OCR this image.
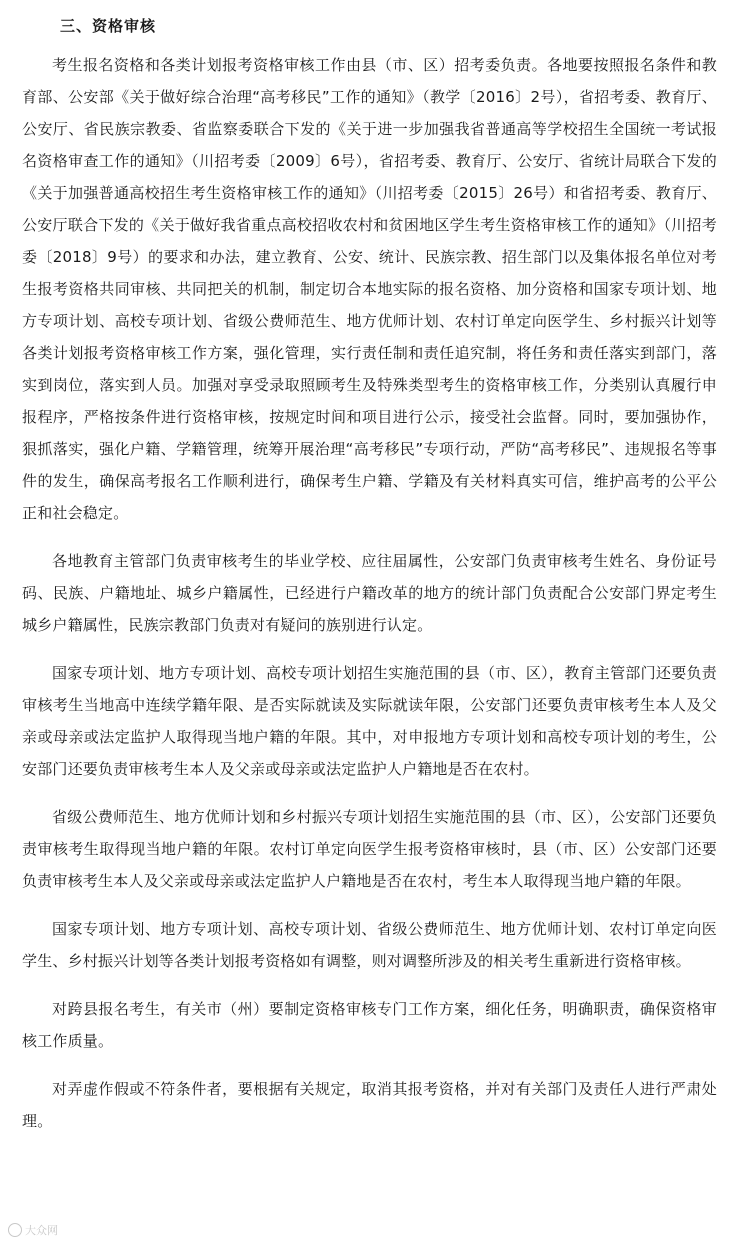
三、资格审核

考生报名资格和各类计划报考资格审核工作由县（市、区）招考委负责。各地要按照报名条件和教育部、公安部《关于做好综合治理“高考移民”工作的通知》（教学〔2016〕2号），省招考委、教育厅、公安厅、省民族宗教委、省监察委联合下发的《关于进一步加强我省普通高等学校招生全国统一考试报名资格审查工作的通知》（川招考委〔2009〕6号），省招考委、教育厅、公安厅、省统计局联合下发的《关于加强普通高校招生考生资格审核工作的通知》（川招考委〔2015〕26号）和省招考委、教育厅、公安厅联合下发的《关于做好我省重点高校招收农村和贫困地区学生考生资格审核工作的通知》（川招考委〔2018〕9号）的要求和办法，建立教育、公安、统计、民族宗教、招生部门以及集体报名单位对考生报考资格共同审核、共同把关的机制，制定切合本地实际的报名资格、加分资格和国家专项计划、地方专项计划、高校专项计划、省级公费师范生、地方优师计划、农村订单定向医学生、乡村振兴计划等各类计划报考资格审核工作方案，强化管理，实行责任制和责任追究制，将任务和责任落实到部门，落实到岗位，落实到人员。加强对享受录取照顾考生及特殊类型考生的资格审核工作，分类别认真履行申报程序，严格按条件进行资格审核，按规定时间和项目进行公示，接受社会监督。同时，要加强协作，狠抓落实，强化户籍、学籍管理，统筹开展治理“高考移民”专项行动，严防“高考移民”、违规报名等事件的发生，确保高考报名工作顺利进行，确保考生户籍、学籍及有关材料真实可信，维护高考的公平公正和社会稳定。

各地教育主管部门负责审核考生的毕业学校、应往届属性，公安部门负责审核考生姓名、身份证号码、民族、户籍地址、城乡户籍属性，已经进行户籍改革的地方的统计部门负责配合公安部门界定考生城乡户籍属性，民族宗教部门负责对有疑问的族别进行认定。

国家专项计划、地方专项计划、高校专项计划招生实施范围的县（市、区），教育主管部门还要负责审核考生当地高中连续学籍年限、是否实际就读及实际就读年限，公安部门还要负责审核考生本人及父亲或母亲或法定监护人取得现当地户籍的年限。其中，对申报地方专项计划和高校专项计划的考生，公安部门还要负责审核考生本人及父亲或母亲或法定监护人户籍地是否在农村。

省级公费师范生、地方优师计划和乡村振兴专项计划招生实施范围的县（市、区），公安部门还要负责审核考生取得现当地户籍的年限。农村订单定向医学生报考资格审核时，县（市、区）公安部门还要负责审核考生本人及父亲或母亲或法定监护人户籍地是否在农村，考生本人取得现当地户籍的年限。

国家专项计划、地方专项计划、高校专项计划、省级公费师范生、地方优师计划、农村订单定向医学生、乡村振兴计划等各类计划报考资格如有调整，则对调整所涉及的相关考生重新进行资格审核。

对跨县报名考生，有关市（州）要制定资格审核专门工作方案，细化任务，明确职责，确保资格审核工作质量。

对弄虚作假或不符条件者，要根据有关规定，取消其报考资格，并对有关部门及责任人进行严肃处理。

大众网
